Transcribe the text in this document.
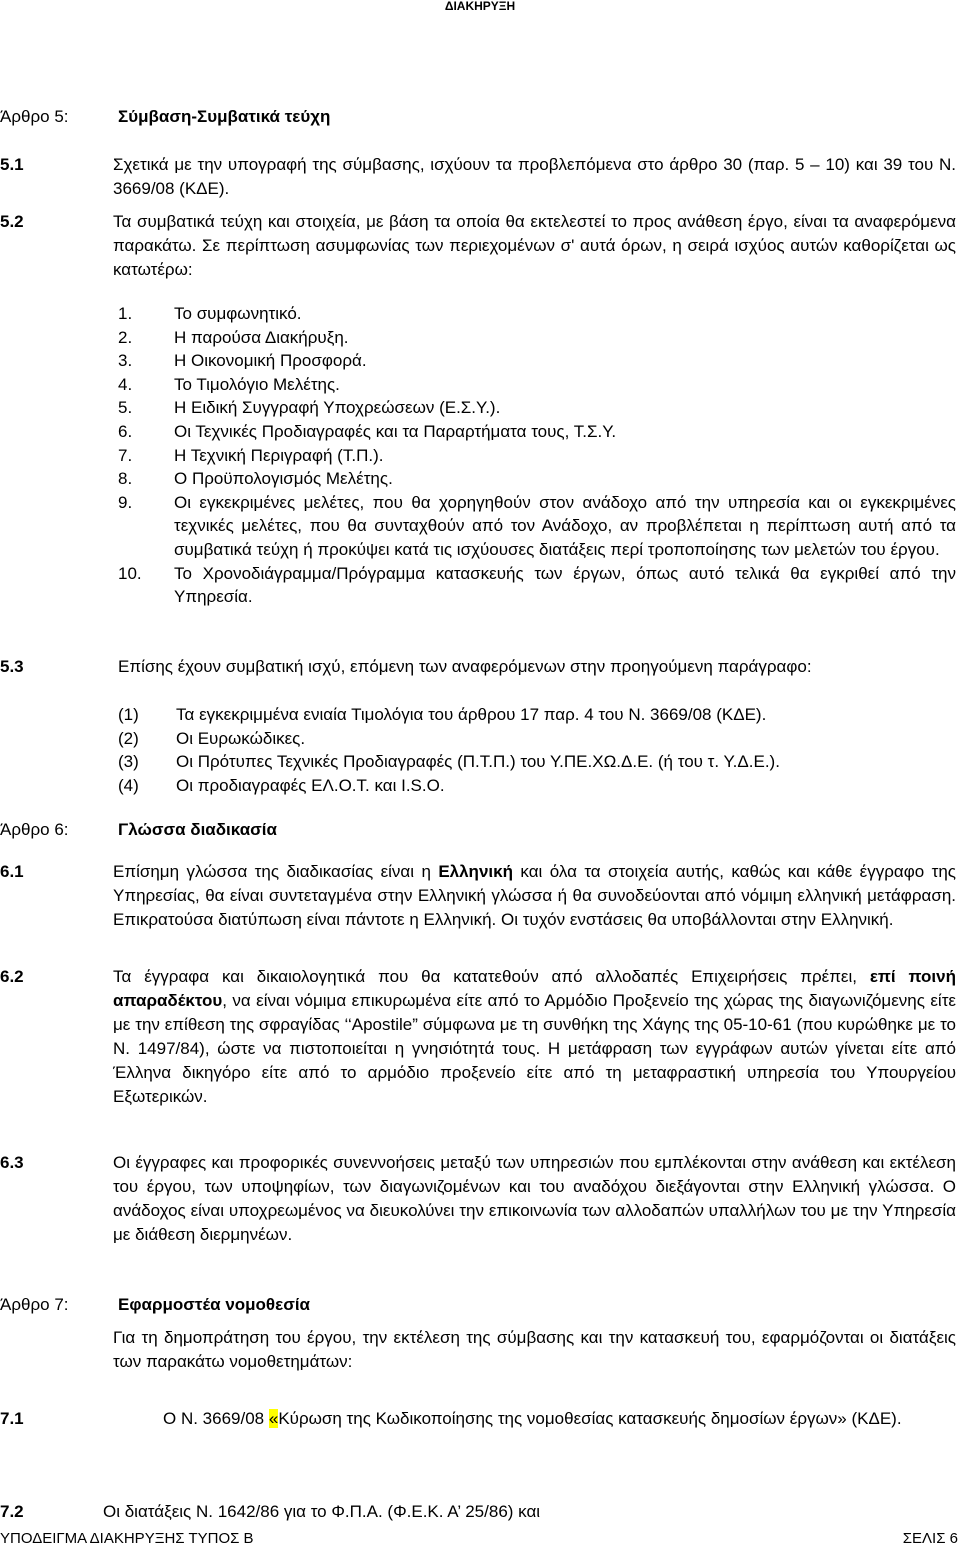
ΔΙΑΚΗΡΥΞΗ
Άρθρο 5:	Σύμβαση-Συμβατικά τεύχη
5.1	Σχετικά με την υπογραφή της σύμβασης, ισχύουν τα προβλεπόμενα στο άρθρο 30 (παρ. 5 – 10) και 39 του Ν. 3669/08 (ΚΔΕ).
5.2	Τα συμβατικά τεύχη και στοιχεία, με βάση τα οποία θα εκτελεστεί το προς ανάθεση έργο, είναι τα αναφερόμενα παρακάτω. Σε περίπτωση ασυμφωνίας των περιεχομένων σ' αυτά όρων, η σειρά ισχύος αυτών καθορίζεται ως κατωτέρω:
1.	Το συμφωνητικό.
2.	Η παρούσα Διακήρυξη.
3.	Η Οικονομική Προσφορά.
4.	Το Τιμολόγιο Μελέτης.
5.	Η Ειδική Συγγραφή Υποχρεώσεων (Ε.Σ.Υ.).
6.	Οι Τεχνικές Προδιαγραφές και τα Παραρτήματα τους, Τ.Σ.Υ.
7.	Η Τεχνική Περιγραφή (Τ.Π.).
8.	Ο Προϋπολογισμός Μελέτης.
9.	Οι εγκεκριμένες μελέτες, που θα χορηγηθούν στον ανάδοχο από την υπηρεσία και οι εγκεκριμένες τεχνικές μελέτες, που θα συνταχθούν από τον Ανάδοχο, αν προβλέπεται η περίπτωση αυτή από τα συμβατικά τεύχη ή προκύψει κατά τις ισχύουσες διατάξεις περί τροποποίησης των μελετών του έργου.
10.	Το Χρονοδιάγραμμα/Πρόγραμμα κατασκευής των έργων, όπως αυτό τελικά θα εγκριθεί από την Υπηρεσία.
5.3	Επίσης έχουν συμβατική ισχύ, επόμενη των αναφερόμενων στην προηγούμενη παράγραφο:
(1)	Τα εγκεκριμμένα ενιαία Τιμολόγια του άρθρου 17 παρ. 4 του Ν. 3669/08 (ΚΔΕ).
(2)	Οι Ευρωκώδικες.
(3)	Οι Πρότυπες Τεχνικές Προδιαγραφές (Π.Τ.Π.) του Υ.ΠΕ.ΧΩ.Δ.Ε. (ή του τ. Υ.Δ.Ε.).
(4)	Οι προδιαγραφές ΕΛ.Ο.Τ. και I.S.O.
Άρθρο 6:	Γλώσσα διαδικασία
6.1	Επίσημη γλώσσα της διαδικασίας είναι η Ελληνική και όλα τα στοιχεία αυτής, καθώς και κάθε έγγραφο της Υπηρεσίας, θα είναι συντεταγμένα στην Ελληνική γλώσσα ή θα συνοδεύονται από νόμιμη ελληνική μετάφραση. Επικρατούσα διατύπωση είναι πάντοτε η Ελληνική. Οι τυχόν ενστάσεις θα υποβάλλονται στην Ελληνική.
6.2	Τα έγγραφα και δικαιολογητικά που θα κατατεθούν από αλλοδαπές Επιχειρήσεις πρέπει, επί ποινή απαραδέκτου, να είναι νόμιμα επικυρωμένα είτε από το Αρμόδιο Προξενείο της χώρας της διαγωνιζόμενης είτε με την επίθεση της σφραγίδας ‘‘Apostile” σύμφωνα με τη συνθήκη της Χάγης της 05-10-61 (που κυρώθηκε με το Ν. 1497/84), ώστε να πιστοποιείται η γνησιότητά τους. Η μετάφραση των εγγράφων αυτών γίνεται είτε από Έλληνα δικηγόρο είτε από το αρμόδιο προξενείο είτε από τη μεταφραστική υπηρεσία του Υπουργείου Εξωτερικών.
6.3	Οι έγγραφες και προφορικές συνεννοήσεις μεταξύ των υπηρεσιών που εμπλέκονται στην ανάθεση και εκτέλεση του έργου, των υποψηφίων, των διαγωνιζομένων και του αναδόχου διεξάγονται στην Ελληνική γλώσσα. Ο ανάδοχος είναι υποχρεωμένος να διευκολύνει την επικοινωνία των αλλοδαπών υπαλλήλων του με την Υπηρεσία με διάθεση διερμηνέων.
Άρθρο 7:	Εφαρμοστέα νομοθεσία
Για τη δημοπράτηση του έργου, την εκτέλεση της σύμβασης και την κατασκευή του, εφαρμόζονται οι διατάξεις των παρακάτω νομοθετημάτων:
7.1	Ο Ν. 3669/08 «Κύρωση της Κωδικοποίησης της νομοθεσίας κατασκευής δημοσίων έργων» (ΚΔΕ).
7.2	Οι διατάξεις Ν. 1642/86 για το Φ.Π.Α. (Φ.Ε.Κ. Α’ 25/86) και
ΥΠΟΔΕΙΓΜΑ ΔΙΑΚΗΡΥΞΗΣ ΤΥΠΟΣ Β	ΣΕΛΙΣ 6
